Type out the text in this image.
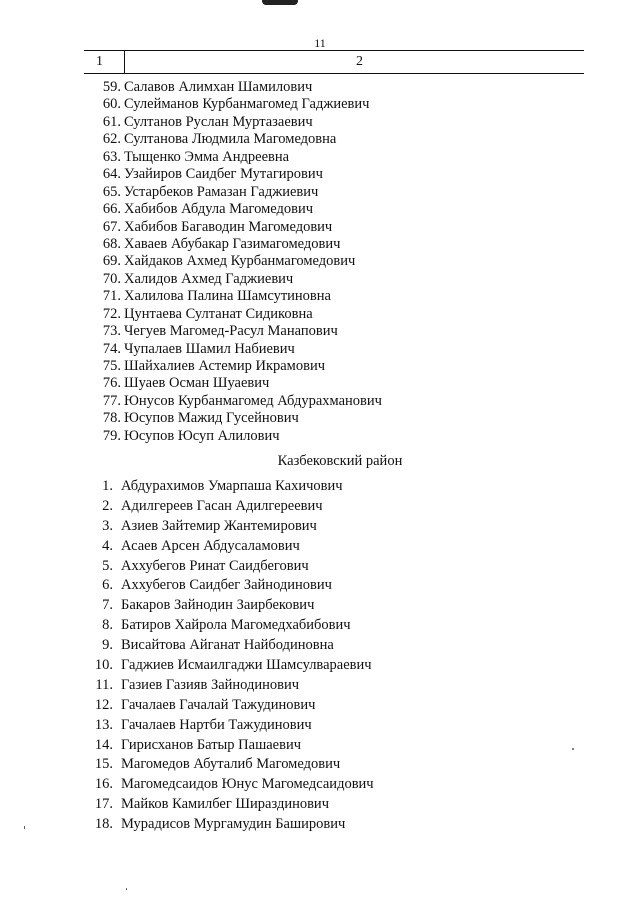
11
1	2
59. Салавов Алимхан Шамилович
60. Сулейманов Курбанмагомед Гаджиевич
61. Султанов Руслан Муртазаевич
62. Султанова Людмила Магомедовна
63. Тыщенко Эмма Андреевна
64. Узайиров Саидбег Мутагирович
65. Устарбеков Рамазан Гаджиевич
66. Хабибов Абдула Магомедович
67. Хабибов Багаводин Магомедович
68. Хаваев Абубакар Газимагомедович
69. Хайдаков Ахмед Курбанмагомедович
70. Халидов Ахмед Гаджиевич
71. Халилова Палина Шамсутиновна
72. Цунтаева Султанат Сидиковна
73. Чегуев Магомед-Расул Манапович
74. Чупалаев Шамил Набиевич
75. Шайхалиев Астемир Икрамович
76. Шуаев Осман Шуаевич
77. Юнусов Курбанмагомед Абдурахманович
78. Юсупов Мажид Гусейнович
79. Юсупов Юсуп Алилович
Казбековский район
1. Абдурахимов Умарпаша Кахичович
2. Адилгереев Гасан Адилгереевич
3. Азиев Зайтемир Жантемирович
4. Асаев Арсен Абдусаламович
5. Аххубегов Ринат Саидбегович
6. Аххубегов Саидбег Зайнодинович
7. Бакаров Зайнодин Заирбекович
8. Батиров Хайрола Магомедхабибович
9. Висайтова Айганат Найбодиновна
10. Гаджиев Исмаилгаджи Шамсулвараевич
11. Газиев Газияв Зайнодинович
12. Гачалаев Гачалай Тажудинович
13. Гачалаев Нартби Тажудинович
14. Гирисханов Батыр Пашаевич
15. Магомедов Абуталиб Магомедович
16. Магомедсаидов Юнус Магомедсаидович
17. Майков Камилбег Шираздинович
18. Мурадисов Мургамудин Баширович
